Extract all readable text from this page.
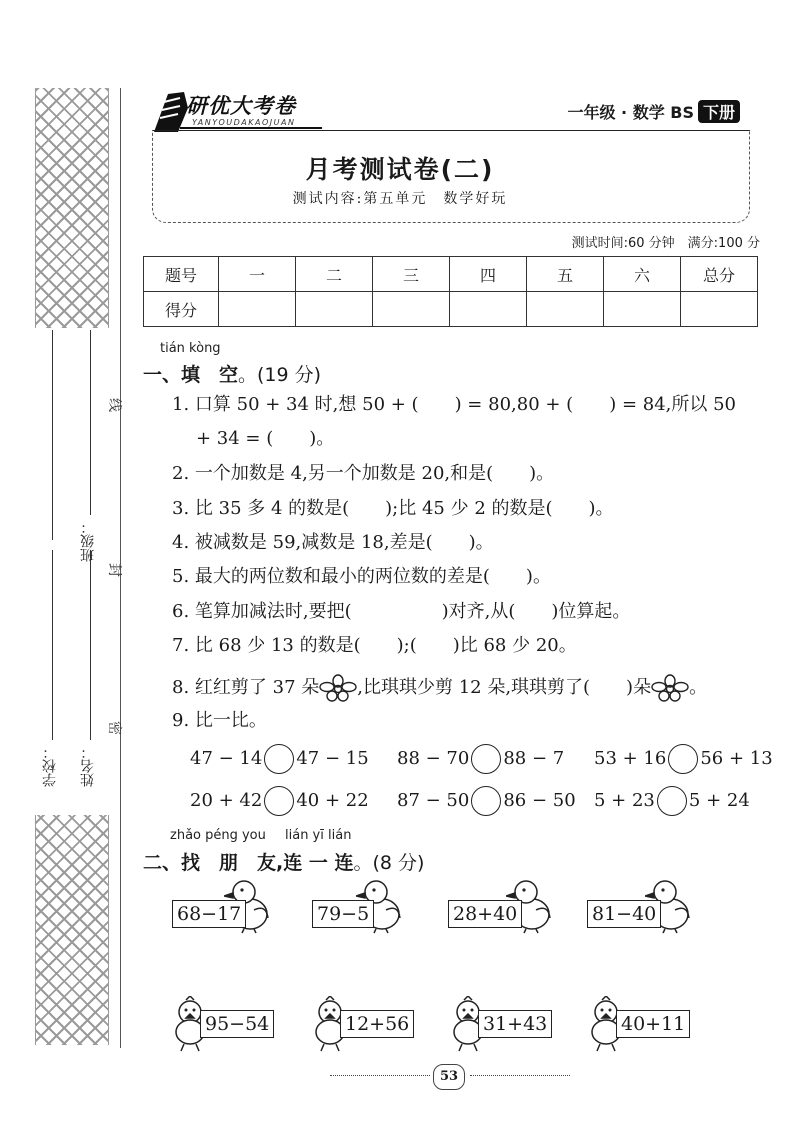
学校： 姓名：
班级：
线
封
密
研优大考卷
YANYOUDAKAOJUAN
一年级 · 数学 BS 下册
月考测试卷(二)
测试内容:第五单元　数学好玩
测试时间:60 分钟　满分:100 分
题号	一	二	三	四	五	六	总分
得分							
tián kòng
一、填　空。(19 分)
1. 口算 50 + 34 时,想 50 + (　　) = 80,80 + (　　) = 84,所以 50
+ 34 = (　　)。
2. 一个加数是 4,另一个加数是 20,和是(　　)。
3. 比 35 多 4 的数是(　　);比 45 少 2 的数是(　　)。
4. 被减数是 59,减数是 18,差是(　　)。
5. 最大的两位数和最小的两位数的差是(　　)。
6. 笔算加减法时,要把(　　　　　)对齐,从(　　)位算起。
7. 比 68 少 13 的数是(　　);(　　)比 68 少 20。
8. 红红剪了 37 朵 ,比琪琪少剪 12 朵,琪琪剪了(　　)朵 。
9. 比一比。
47 − 14 47 − 15 88 − 70 88 − 7 53 + 16 56 + 13
20 + 42 40 + 22 87 − 50 86 − 50 5 + 23 5 + 24
zhǎo péng you lián yī lián
二、找　朋　友,连 一 连。(8 分)
68−17	79−5	28+40	81−40
95−54	12+56	31+43	40+11
53
